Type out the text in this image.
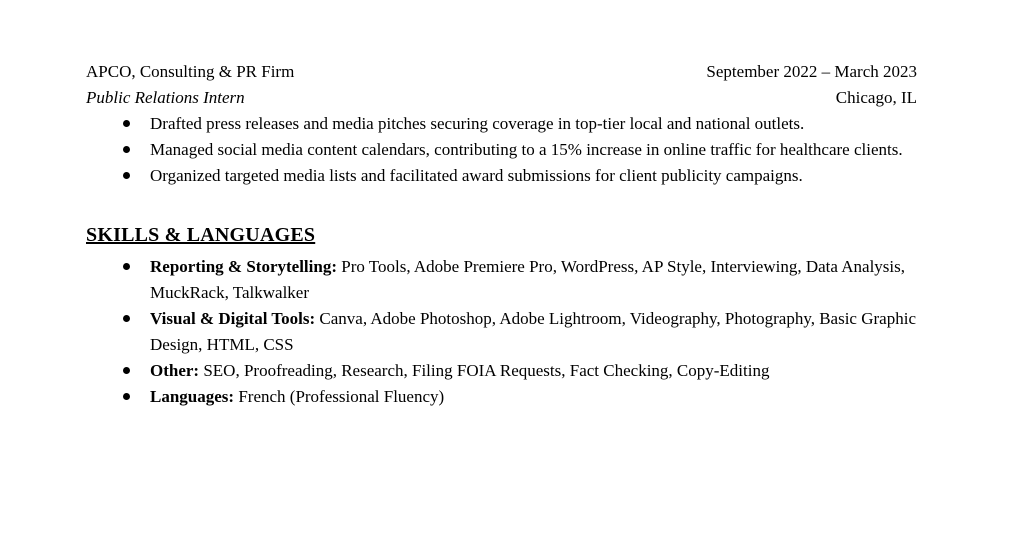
APCO, Consulting & PR Firm	September 2022 – March 2023
Public Relations Intern	Chicago, IL
Drafted press releases and media pitches securing coverage in top-tier local and national outlets.
Managed social media content calendars, contributing to a 15% increase in online traffic for healthcare clients.
Organized targeted media lists and facilitated award submissions for client publicity campaigns.
SKILLS & LANGUAGES
Reporting & Storytelling: Pro Tools, Adobe Premiere Pro, WordPress, AP Style, Interviewing, Data Analysis, MuckRack, Talkwalker
Visual & Digital Tools: Canva, Adobe Photoshop, Adobe Lightroom, Videography, Photography, Basic Graphic Design, HTML, CSS
Other: SEO, Proofreading, Research, Filing FOIA Requests, Fact Checking, Copy-Editing
Languages: French (Professional Fluency)
